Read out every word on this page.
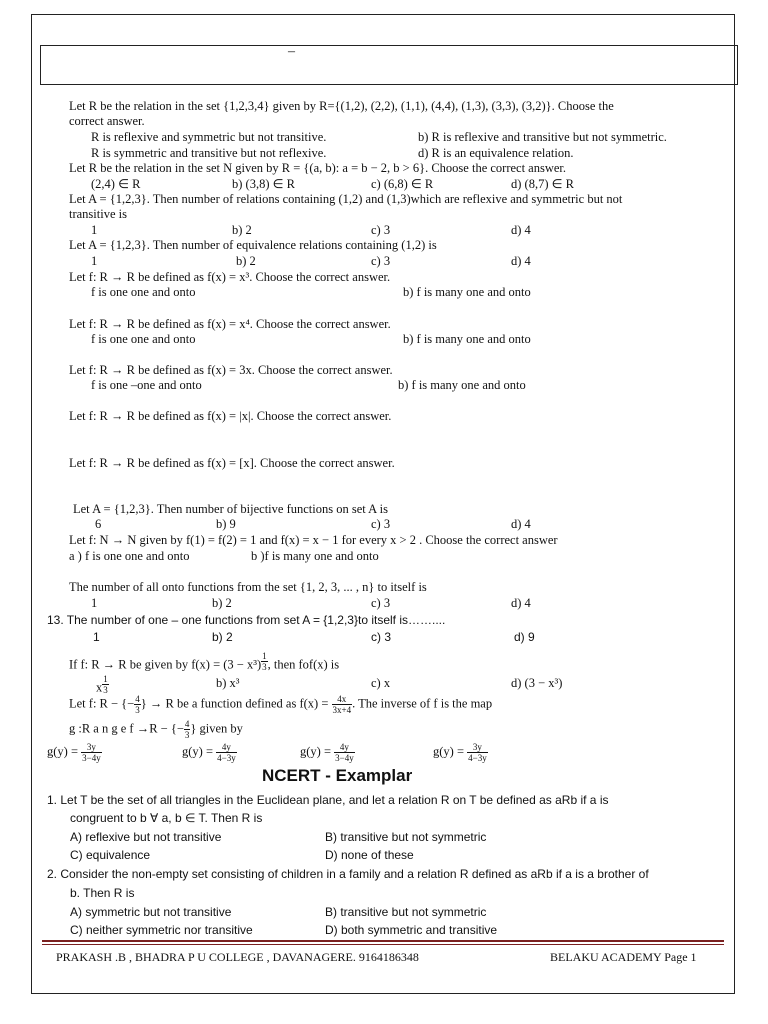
–
Let R be the relation in the set {1,2,3,4} given by R={(1,2), (2,2), (1,1), (4,4), (1,3), (3,3), (3,2)}. Choose the
correct answer.
R is reflexive and symmetric but not transitive.	b) R is reflexive and transitive but not symmetric.
R is symmetric and transitive but not reflexive.	d) R is an equivalence relation.
Let R be the relation in the set N given by R = {(a, b): a = b − 2, b > 6}. Choose the correct answer.
(2,4) ∈ R	b) (3,8) ∈ R	c) (6,8) ∈ R	d) (8,7) ∈ R
Let A = {1,2,3}. Then number of relations containing (1,2) and (1,3)which are reflexive and symmetric but not
transitive is
1	b) 2	c) 3	d) 4
Let A = {1,2,3}. Then number of equivalence relations containing (1,2) is
1	b) 2	c) 3	d) 4
Let f: R → R be defined as f(x) = x³. Choose the correct answer.
f is one one and onto	b) f is many one and onto
Let f: R → R be defined as f(x) = x⁴. Choose the correct answer.
f is one one and onto	b) f is many one and onto
Let f: R → R be defined as f(x) = 3x. Choose the correct answer.
f is one –one and onto	b) f is many one and onto
Let f: R → R be defined as f(x) = |x|. Choose the correct answer.
Let f: R → R be defined as f(x) = [x]. Choose the correct answer.
Let A = {1,2,3}. Then number of bijective functions on set A is
6	b) 9	c) 3	d) 4
Let f: N → N given by f(1) = f(2) = 1 and f(x) = x − 1 for every x > 2 . Choose the correct answer
a ) f is one one and onto	b )f is many one and onto
The number of all onto functions from the set {1, 2, 3, ... , n} to itself is
1	b) 2	c) 3	d) 4
13. The number of one – one functions from set A = {1,2,3}to itself is……....
1	b) 2	c) 3	d) 9
If f: R → R be given by f(x) = (3 − x³) $^{\frac{1}{3}}$ , then fof(x) is
x $^{\frac{1}{3}}$	b) x³	c) x	d) (3 − x³)
Let f: R − {− $\frac{4}{3}$ } → R be a function defined as $f(x) = \frac{4x}{3x+4}$ . The inverse of f is the map
g :R a n g e f →R − {− $\frac{4}{3}$ } given by
$g(y) = \frac{3y}{3-4y}$	$g(y) = \frac{4y}{4-3y}$	$g(y) = \frac{4y}{3-4y}$	$g(y) = \frac{3y}{4-3y}$
NCERT - Examplar
1. Let T be the set of all triangles in the Euclidean plane, and let a relation R on T be defined as aRb if a is
congruent to b ∀ a, b ∈ T. Then R is
A) reflexive but not transitive	B) transitive but not symmetric
C) equivalence	D) none of these
2. Consider the non-empty set consisting of children in a family and a relation R defined as aRb if a is a brother of
b. Then R is
A) symmetric but not transitive	B) transitive but not symmetric
C) neither symmetric nor transitive	D) both symmetric and transitive
PRAKASH .B , BHADRA P U COLLEGE , DAVANAGERE. 9164186348	BELAKU ACADEMY Page 1
